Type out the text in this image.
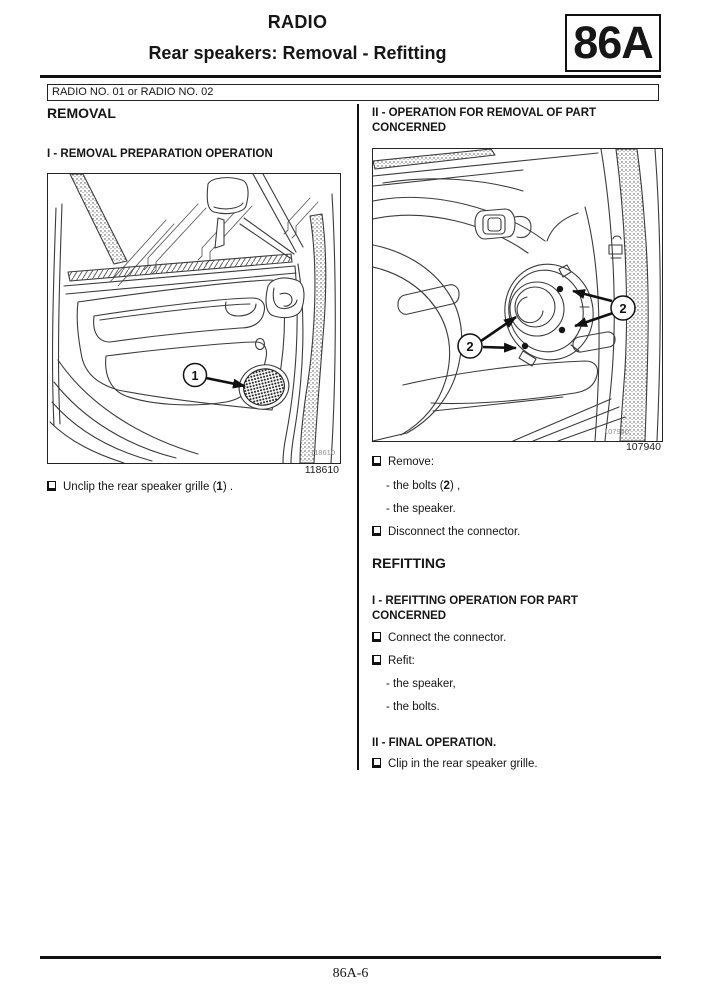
RADIO
Rear speakers: Removal - Refitting	86A
RADIO NO. 01 or RADIO NO. 02
REMOVAL
I - REMOVAL PREPARATION OPERATION
1
118610
118610
Unclip the rear speaker grille (1) .
II - OPERATION FOR REMOVAL OF PART CONCERNED
2
2
107940
107940
Remove:
- the bolts (2) ,
- the speaker.
Disconnect the connector.
REFITTING
I - REFITTING OPERATION FOR PART CONCERNED
Connect the connector.
Refit:
- the speaker,
- the bolts.
II - FINAL OPERATION.
Clip in the rear speaker grille.
86A-6
